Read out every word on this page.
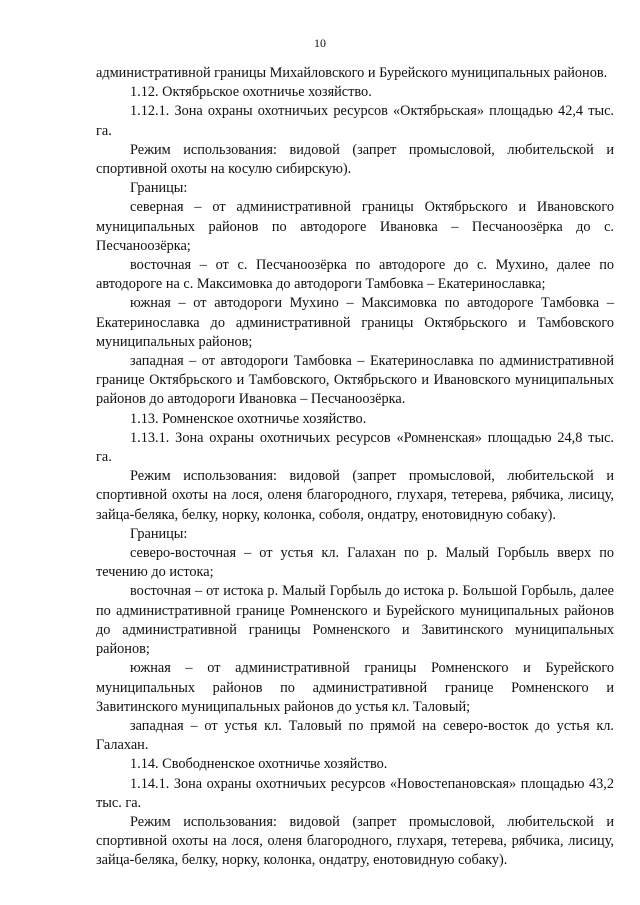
10

административной границы Михайловского и Бурейского муниципальных районов.

1.12. Октябрьское охотничье хозяйство.

1.12.1. Зона охраны охотничьих ресурсов «Октябрьская» площадью 42,4 тыс. га.

Режим использования: видовой (запрет промысловой, любительской и спортивной охоты на косулю сибирскую).

Границы:

северная – от административной границы Октябрьского и Ивановского муниципальных районов по автодороге Ивановка – Песчаноозёрка до с. Песчаноозёрка;

восточная – от с. Песчаноозёрка по автодороге до с. Мухино, далее по автодороге на с. Максимовка до автодороги Тамбовка – Екатеринославка;

южная – от автодороги Мухино – Максимовка по автодороге Тамбовка – Екатеринославка до административной границы Октябрьского и Тамбовского муниципальных районов;

западная – от автодороги Тамбовка – Екатеринославка по административной границе Октябрьского и Тамбовского, Октябрьского и Ивановского муниципальных районов до автодороги Ивановка – Песчаноозёрка.

1.13. Ромненское охотничье хозяйство.

1.13.1. Зона охраны охотничьих ресурсов «Ромненская» площадью 24,8 тыс. га.

Режим использования: видовой (запрет промысловой, любительской и спортивной охоты на лося, оленя благородного, глухаря, тетерева, рябчика, лисицу, зайца-беляка, белку, норку, колонка, соболя, ондатру, енотовидную собаку).

Границы:

северо-восточная – от устья кл. Галахан по р. Малый Горбыль вверх по течению до истока;

восточная – от истока р. Малый Горбыль до истока р. Большой Горбыль, далее по административной границе Ромненского и Бурейского муниципальных районов до административной границы Ромненского и Завитинского муниципальных районов;

южная – от административной границы Ромненского и Бурейского муниципальных районов по административной границе Ромненского и Завитинского муниципальных районов до устья кл. Таловый;

западная – от устья кл. Таловый по прямой на северо-восток до устья кл. Галахан.

1.14. Свободненское охотничье хозяйство.

1.14.1. Зона охраны охотничьих ресурсов «Новостепановская» площадью 43,2 тыс. га.

Режим использования: видовой (запрет промысловой, любительской и спортивной охоты на лося, оленя благородного, глухаря, тетерева, рябчика, лисицу, зайца-беляка, белку, норку, колонка, ондатру, енотовидную собаку).
